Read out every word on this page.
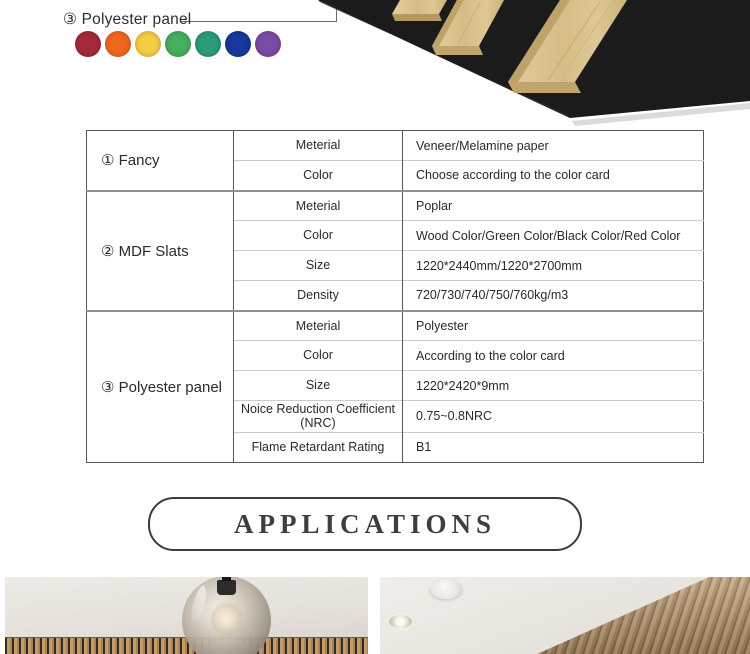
③ Polyester panel
① Fancy	Meterial	Veneer/Melamine paper
	Color	Choose according to the color card
② MDF Slats	Meterial	Poplar
	Color	Wood Color/Green Color/Black Color/Red Color
	Size	1220*2440mm/1220*2700mm
	Density	720/730/740/750/760kg/m3
③ Polyester panel	Meterial	Polyester
	Color	According to the color card
	Size	1220*2420*9mm
	Noice Reduction Coefficient (NRC)	0.75~0.8NRC
	Flame Retardant Rating	B1
APPLICATIONS
